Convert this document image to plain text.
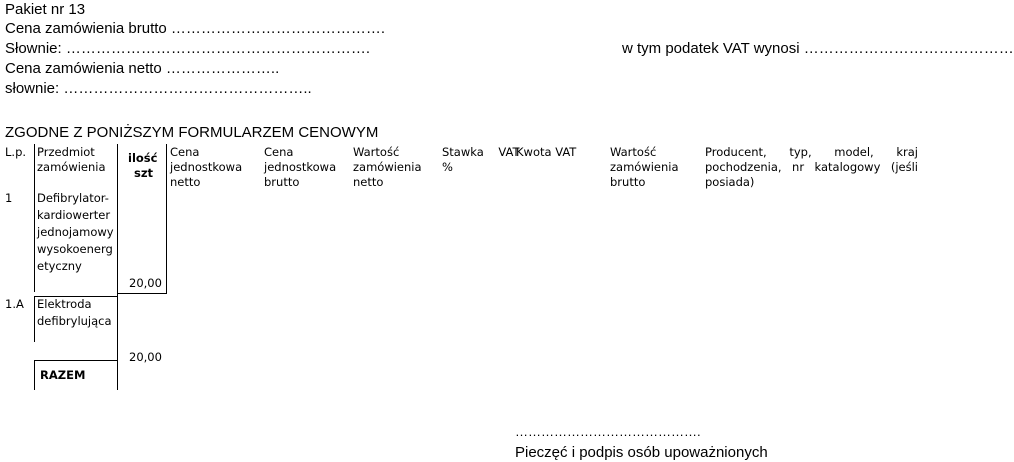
Pakiet nr 13
Cena zamówienia brutto …………………………………….
Słownie: …………………………………………………….	w tym podatek VAT wynosi ……………………………………
Cena zamówienia netto …………………..
słownie: …………………………………………..
ZGODNE Z PONIŻSZYM FORMULARZEM CENOWYM
L.p. Przedmiot
zamówienia
ilość
szt
Cena
jednostkowa
netto
Cena
jednostkowa
brutto
Wartość
zamówienia
netto
Stawka    VAT
%
Kwota VAT	Wartość
zamówienia
brutto
Producent, typ, model, kraj
pochodzenia, nr katalogowy (jeśli
posiada)
1 Defibrylator-
kardiowerter
jednojamowy
wysokoenerg
etyczny
20,00
1.A Elektroda
defibrylująca
20,00
RAZEM
…………………………………….
Pieczęć i podpis osób upoważnionych
